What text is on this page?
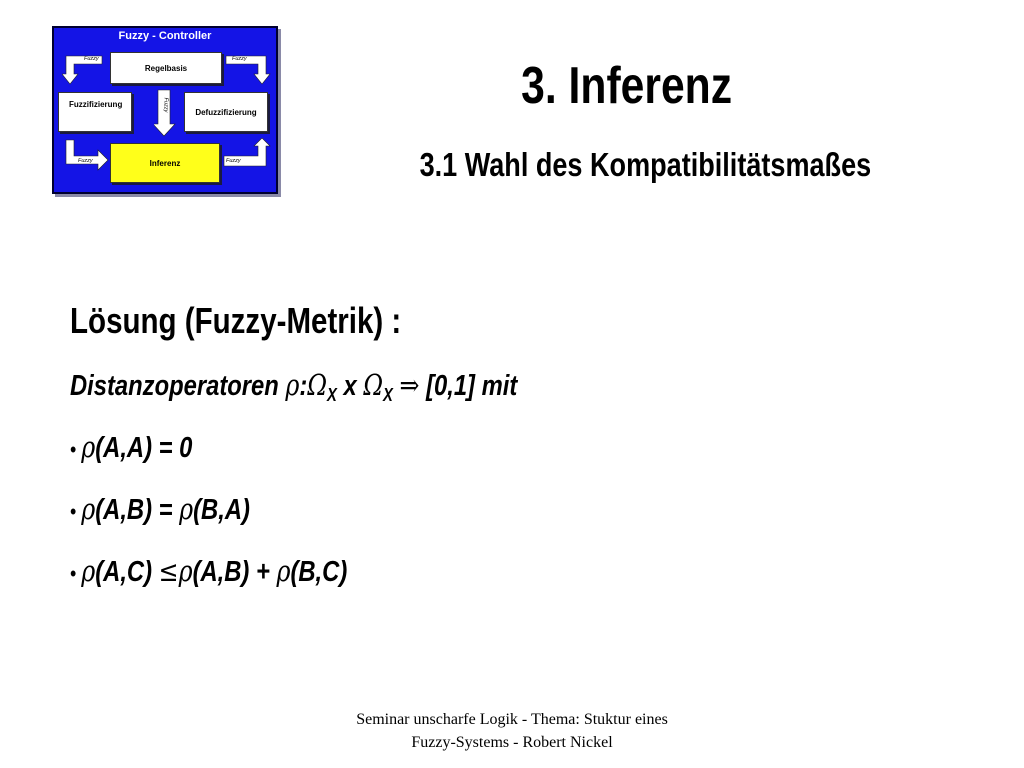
Fuzzy - Controller
Regelbasis
Fuzzifizierung
Defuzzifizierung
Inferenz
Fuzzy	Fuzzy
Fuzzy
Fuzzy	Fuzzy
3. Inferenz
3.1 Wahl des Kompatibilitätsmaßes
Lösung (Fuzzy-Metrik) :
Distanzoperatoren $\rho:\Omega_X$ x $\Omega_X$ ⇒ [0,1] mit
• ρ(A,A) = 0
• ρ(A,B) = ρ(B,A)
• ρ(A,C) ≤ρ(A,B) + ρ(B,C)
Seminar unscharfe Logik - Thema: Stuktur eines Fuzzy-Systems - Robert Nickel
